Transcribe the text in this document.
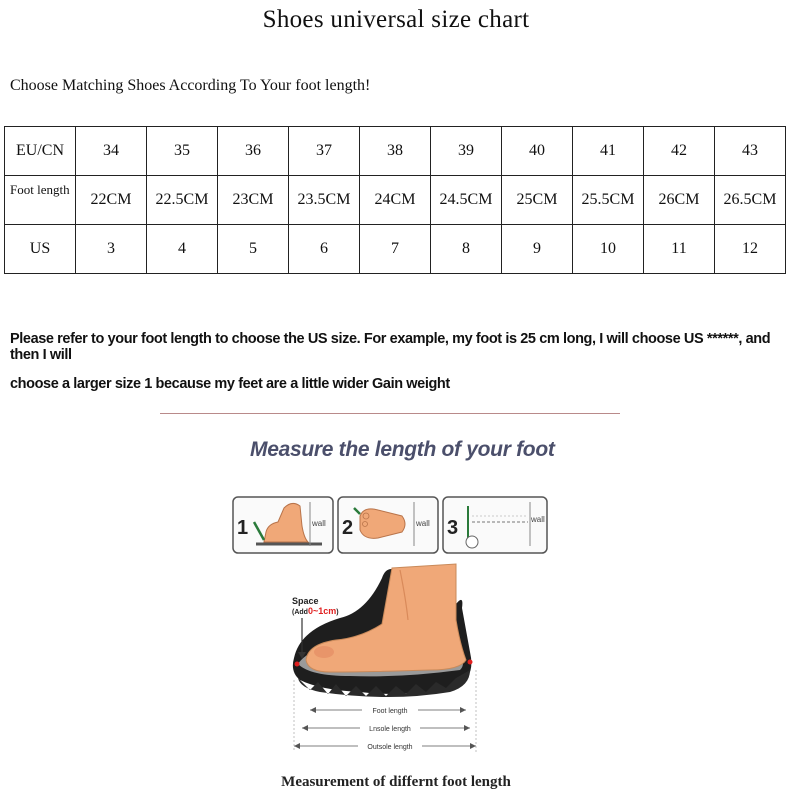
Shoes universal size chart
Choose Matching Shoes According To Your foot length!
EU/CN	34	35	36	37	38	39	40	41	42	43
Foot length	22CM	22.5CM	23CM	23.5CM	24CM	24.5CM	25CM	25.5CM	26CM	26.5CM
US	3	4	5	6	7	8	9	10	11	12
Please refer to your foot length to choose the US size. For example, my foot is 25 cm long, I will choose US ******, and then I will
choose a larger size 1 because my feet are a little wider Gain weight
Measure the length of your foot
1	wall 2	wall 3	wall
Space
(Add0~1cm)
Foot length
Lnsole length
Outsole length
Measurement of differnt foot length
